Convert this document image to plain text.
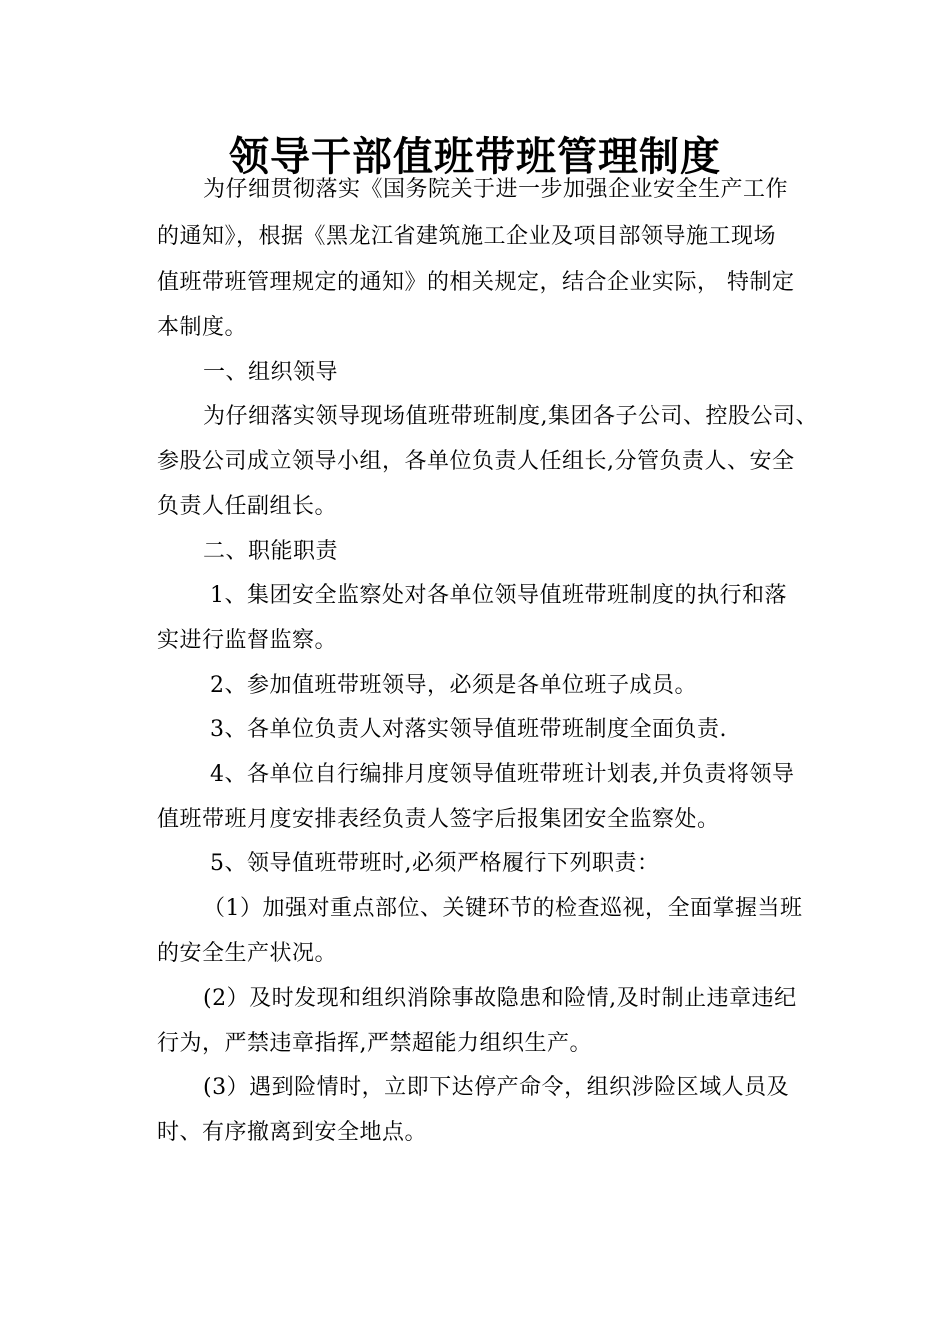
领导干部值班带班管理制度
为仔细贯彻落实《国务院关于进一步加强企业安全生产工作
的通知》，根据《黑龙江省建筑施工企业及项目部领导施工现场
值班带班管理规定的通知》的相关规定，结合企业实际， 特制定
本制度。
一、组织领导
为仔细落实领导现场值班带班制度,集团各子公司、控股公司、
参股公司成立领导小组，各单位负责人任组长,分管负责人、安全
负责人任副组长。
二、职能职责
1、集团安全监察处对各单位领导值班带班制度的执行和落
实进行监督监察。
2、参加值班带班领导，必须是各单位班子成员。
3、各单位负责人对落实领导值班带班制度全面负责.
4、各单位自行编排月度领导值班带班计划表,并负责将领导
值班带班月度安排表经负责人签字后报集团安全监察处。
5、领导值班带班时,必须严格履行下列职责：
（1）加强对重点部位、关键环节的检查巡视，全面掌握当班
的安全生产状况。
(2）及时发现和组织消除事故隐患和险情,及时制止违章违纪
行为，严禁违章指挥,严禁超能力组织生产。
(3）遇到险情时，立即下达停产命令，组织涉险区域人员及
时、有序撤离到安全地点。
